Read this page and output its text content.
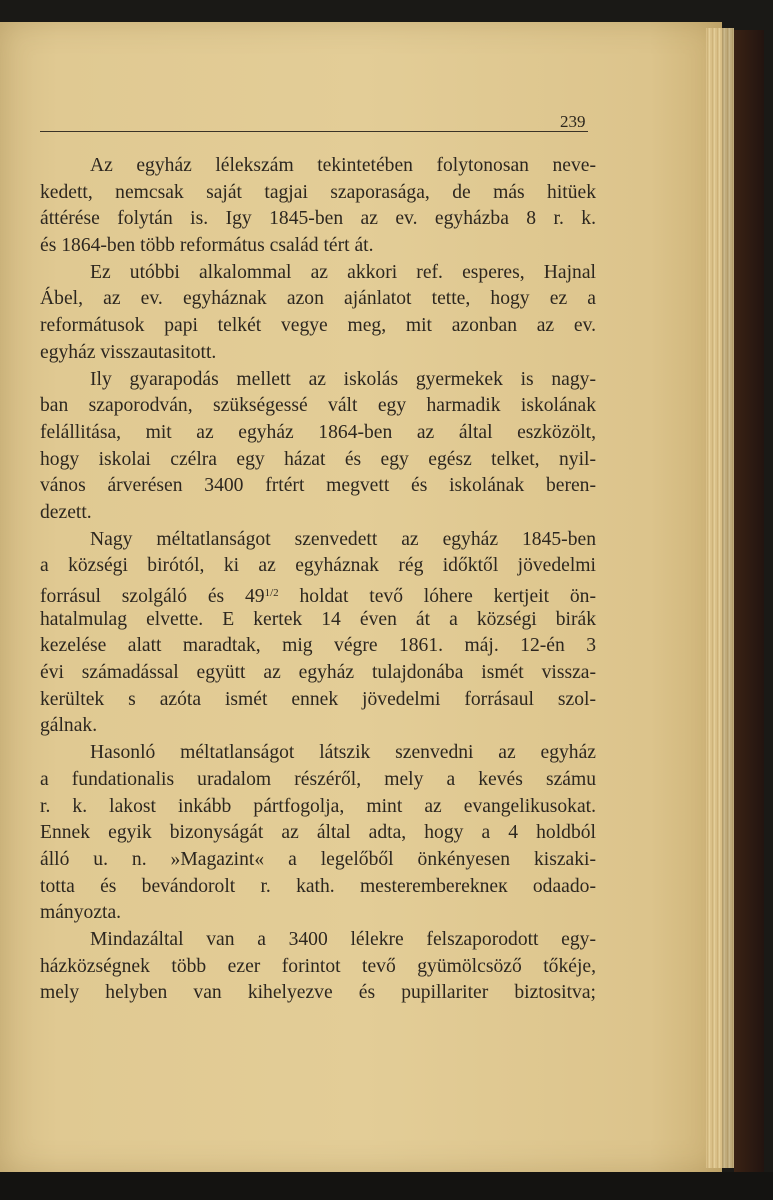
239
Az egyház lélekszám tekintetében folytonosan neve-
kedett, nemcsak saját tagjai szaporasága, de más hitüek
áttérése folytán is. Igy 1845-ben az ev. egyházba 8 r. k.
és 1864-ben több református család tért át.
Ez utóbbi alkalommal az akkori ref. esperes, Hajnal
Ábel, az ev. egyháznak azon ajánlatot tette, hogy ez a
reformátusok papi telkét vegye meg, mit azonban az ev.
egyház visszautasitott.
Ily gyarapodás mellett az iskolás gyermekek is nagy-
ban szaporodván, szükségessé vált egy harmadik iskolának
felállitása, mit az egyház 1864-ben az által eszközölt,
hogy iskolai czélra egy házat és egy egész telket, nyil-
vános árverésen 3400 frtért megvett és iskolának beren-
dezett.
Nagy méltatlanságot szenvedett az egyház 1845-ben
a községi birótól, ki az egyháznak rég időktől jövedelmi
forrásul szolgáló és $49^{1/2}$ holdat tevő lóhere kertjeit ön-
hatalmulag elvette. E kertek 14 éven át a községi birák
kezelése alatt maradtak, mig végre 1861. máj. 12-én 3
évi számadással együtt az egyház tulajdonába ismét vissza-
kerültek s azóta ismét ennek jövedelmi forrásaul szol-
gálnak.
Hasonló méltatlanságot látszik szenvedni az egyház
a fundationalis uradalom részéről, mely a kevés számu
r. k. lakost inkább pártfogolja, mint az evangelikusokat.
Ennek egyik bizonyságát az által adta, hogy a 4 holdból
álló u. n. »Magazint« a legelőből önkényesen kiszaki-
totta és bevándorolt r. kath. mesteremberekneк odaado-
mányozta.
Mindazáltal van a 3400 lélekre felszaporodott egy-
házközségnek több ezer forintot tevő gyümölcsöző tőkéje,
mely helyben van kihelyezve és pupillariter biztositva;
